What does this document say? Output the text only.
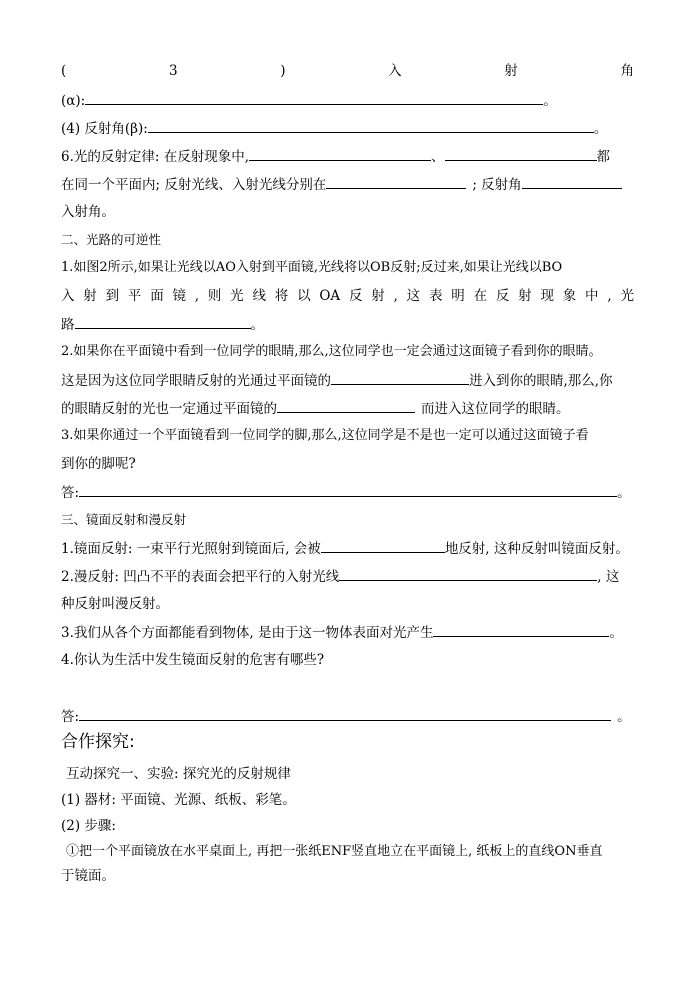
(	3	)	入	射	角
(α):	。
(4) 反射角(β):	。
6.光的反射定律: 在反射现象中,	、	都
在同一个平面内; 反射光线、入射光线分别在	; 反射角
入射角。
二、光路的可逆性
1.如图2所示,如果让光线以AO入射到平面镜,光线将以OB反射;反过来,如果让光线以BO
入 射 到 平 面 镜 , 则 光 线 将 以 OA 反 射 , 这 表 明 在 反 射 现 象 中 , 光
路	。
2.如果你在平面镜中看到一位同学的眼睛,那么,这位同学也一定会通过这面镜子看到你的眼睛。
这是因为这位同学眼睛反射的光通过平面镜的	进入到你的眼睛,那么,你
的眼睛反射的光也一定通过平面镜的	而进入这位同学的眼睛。
3.如果你通过一个平面镜看到一位同学的脚,那么,这位同学是不是也一定可以通过这面镜子看
到你的脚呢?
答:	。
三、镜面反射和漫反射
1.镜面反射: 一束平行光照射到镜面后, 会被	地反射, 这种反射叫镜面反射。
2.漫反射: 凹凸不平的表面会把平行的入射光线	, 这
种反射叫漫反射。
3.我们从各个方面都能看到物体, 是由于这一物体表面对光产生	。
4.你认为生活中发生镜面反射的危害有哪些?
答:	。
合作探究:
互动探究一、实验: 探究光的反射规律
(1) 器材: 平面镜、光源、纸板、彩笔。
(2) 步骤:
①把一个平面镜放在水平桌面上, 再把一张纸ENF竖直地立在平面镜上, 纸板上的直线ON垂直
于镜面。
